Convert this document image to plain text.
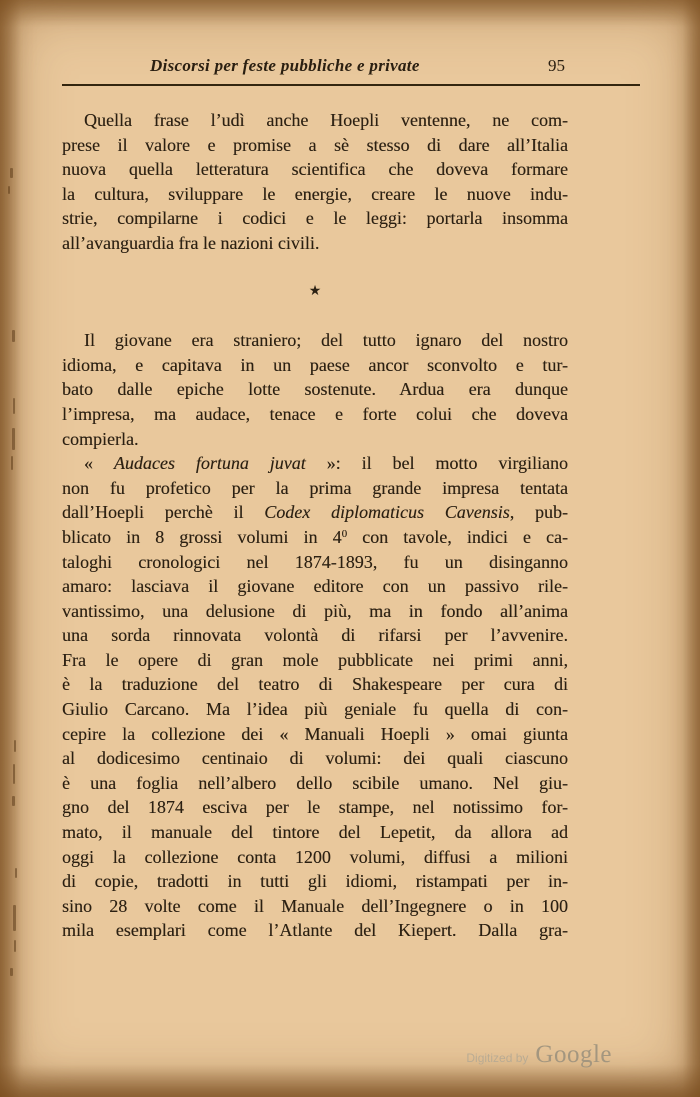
Discorsi per feste pubbliche e private	95
Quella frase l’udì anche Hoepli ventenne, ne com-
prese il valore e promise a sè stesso di dare all’Italia
nuova quella letteratura scientifica che doveva formare
la cultura, sviluppare le energie, creare le nuove indu-
strie, compilarne i codici e le leggi: portarla insomma
all’avanguardia fra le nazioni civili.
★
Il giovane era straniero; del tutto ignaro del nostro
idioma, e capitava in un paese ancor sconvolto e tur-
bato dalle epiche lotte sostenute. Ardua era dunque
l’impresa, ma audace, tenace e forte colui che doveva
compierla.
« Audaces fortuna juvat »: il bel motto virgiliano
non fu profetico per la prima grande impresa tentata
dall’Hoepli perchè il Codex diplomaticus Cavensis, pub-
blicato in 8 grossi volumi in $4^0$ con tavole, indici e ca-
taloghi cronologici nel 1874-1893, fu un disinganno
amaro: lasciava il giovane editore con un passivo rile-
vantissimo, una delusione di più, ma in fondo all’anima
una sorda rinnovata volontà di rifarsi per l’avvenire.
Fra le opere di gran mole pubblicate nei primi anni,
è la traduzione del teatro di Shakespeare per cura di
Giulio Carcano. Ma l’idea più geniale fu quella di con-
cepire la collezione dei « Manuali Hoepli » omai giunta
al dodicesimo centinaio di volumi: dei quali ciascuno
è una foglia nell’albero dello scibile umano. Nel giu-
gno del 1874 esciva per le stampe, nel notissimo for-
mato, il manuale del tintore del Lepetit, da allora ad
oggi la collezione conta 1200 volumi, diffusi a milioni
di copie, tradotti in tutti gli idiomi, ristampati per in-
sino 28 volte come il Manuale dell’Ingegnere o in 100
mila esemplari come l’Atlante del Kiepert. Dalla gra-
Digitized by Google
